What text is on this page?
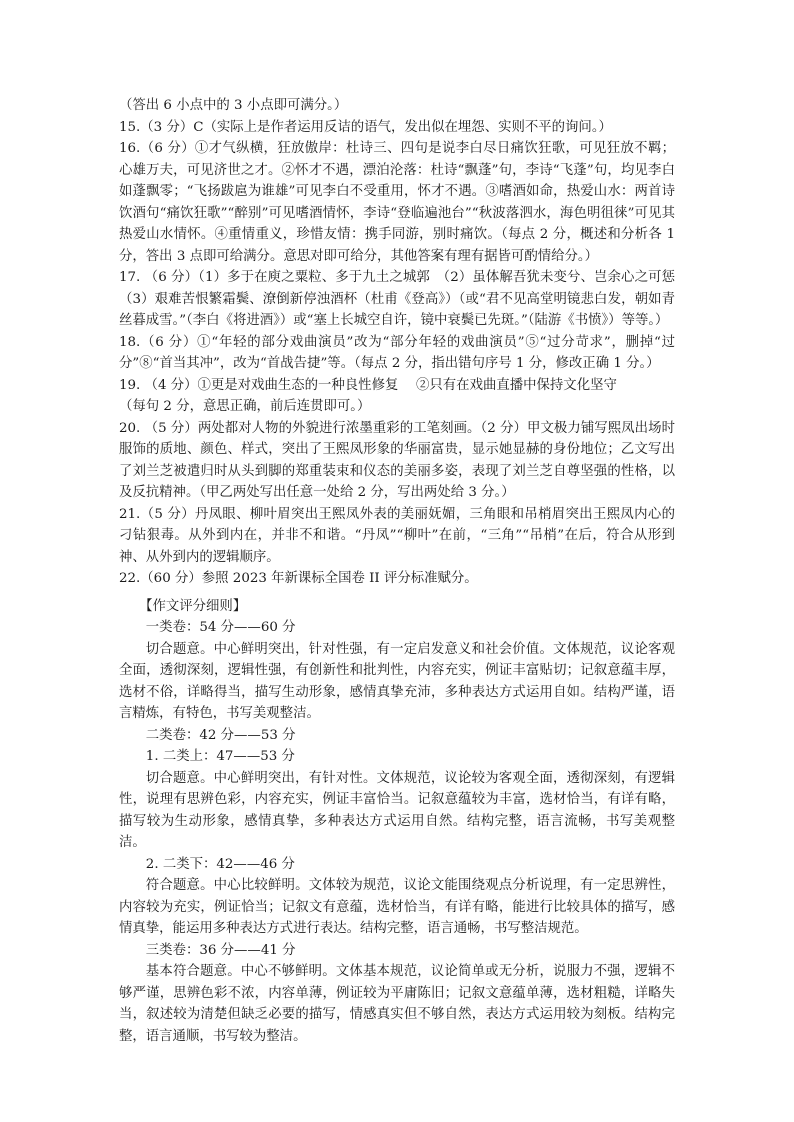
（答出 6 小点中的 3 小点即可满分。）

15.（3 分）C（实际上是作者运用反诘的语气，发出似在埋怨、实则不平的询问。）

16.（6 分）①才气纵横，狂放傲岸：杜诗三、四句是说李白尽日痛饮狂歌，可见狂放不羁；心雄万夫，可见济世之才。②怀才不遇，漂泊沦落：杜诗“飘蓬”句，李诗“飞蓬”句，均见李白如蓬飘零；“飞扬跋扈为谁雄”可见李白不受重用，怀才不遇。③嗜酒如命，热爱山水：两首诗饮酒句“痛饮狂歌”“醉别”可见嗜酒情怀，李诗“登临遍池台”“秋波落泗水，海色明徂徕”可见其热爱山水情怀。④重情重义，珍惜友情：携手同游，别时痛饮。（每点 2 分，概述和分析各 1 分，答出 3 点即可给满分。意思对即可给分，其他答案有理有据皆可酌情给分。）

17. （6 分）（1）多于在庾之粟粒、多于九土之城郭　（2）虽体解吾犹未变兮、岂余心之可惩　（3）艰难苦恨繁霜鬓、潦倒新停浊酒杯（杜甫《登高》）（或“君不见高堂明镜悲白发，朝如青丝暮成雪。”（李白《将进酒》）或“塞上长城空自许，镜中衰鬓已先斑。”（陆游《书愤》）等等。）

18.（6 分）①“年轻的部分戏曲演员”改为“部分年轻的戏曲演员”⑤“过分苛求”，删掉“过分”⑧“首当其冲”，改为“首战告捷”等。（每点 2 分，指出错句序号 1 分，修改正确 1 分。）

19. （4 分）①更是对戏曲生态的一种良性修复　 ②只有在戏曲直播中保持文化坚守

（每句 2 分，意思正确，前后连贯即可。）

20. （5 分）两处都对人物的外貌进行浓墨重彩的工笔刻画。（2 分）甲文极力铺写熙凤出场时服饰的质地、颜色、样式，突出了王熙凤形象的华丽富贵，显示她显赫的身份地位；乙文写出了刘兰芝被遣归时从头到脚的郑重装束和仪态的美丽多姿，表现了刘兰芝自尊坚强的性格，以及反抗精神。（甲乙两处写出任意一处给 2 分，写出两处给 3 分。）

21.（5 分）丹凤眼、柳叶眉突出王熙凤外表的美丽妩媚，三角眼和吊梢眉突出王熙凤内心的刁钻狠毒。从外到内在，并非不和谐。“丹凤”“柳叶”在前，“三角”“吊梢”在后，符合从形到神、从外到内的逻辑顺序。

22.（60 分）参照 2023 年新课标全国卷 II 评分标准赋分。

【作文评分细则】

一类卷：54 分——60 分

切合题意。中心鲜明突出，针对性强，有一定启发意义和社会价值。文体规范，议论客观全面，透彻深刻，逻辑性强，有创新性和批判性，内容充实，例证丰富贴切；记叙意蕴丰厚，选材不俗，详略得当，描写生动形象，感情真挚充沛，多种表达方式运用自如。结构严谨，语言精炼，有特色，书写美观整洁。

二类卷：42 分——53 分

1. 二类上：47——53 分

切合题意。中心鲜明突出，有针对性。文体规范，议论较为客观全面，透彻深刻，有逻辑性，说理有思辨色彩，内容充实，例证丰富恰当。记叙意蕴较为丰富，选材恰当，有详有略，描写较为生动形象，感情真挚，多种表达方式运用自然。结构完整，语言流畅，书写美观整洁。

2. 二类下：42——46 分

符合题意。中心比较鲜明。文体较为规范，议论文能围绕观点分析说理，有一定思辨性，内容较为充实，例证恰当；记叙文有意蕴，选材恰当，有详有略，能进行比较具体的描写，感情真挚，能运用多种表达方式进行表达。结构完整，语言通畅，书写整洁规范。

三类卷：36 分——41 分

基本符合题意。中心不够鲜明。文体基本规范，议论简单或无分析，说服力不强，逻辑不够严谨，思辨色彩不浓，内容单薄，例证较为平庸陈旧；记叙文意蕴单薄，选材粗糙，详略失当，叙述较为清楚但缺乏必要的描写，情感真实但不够自然，表达方式运用较为刻板。结构完整，语言通顺，书写较为整洁。
